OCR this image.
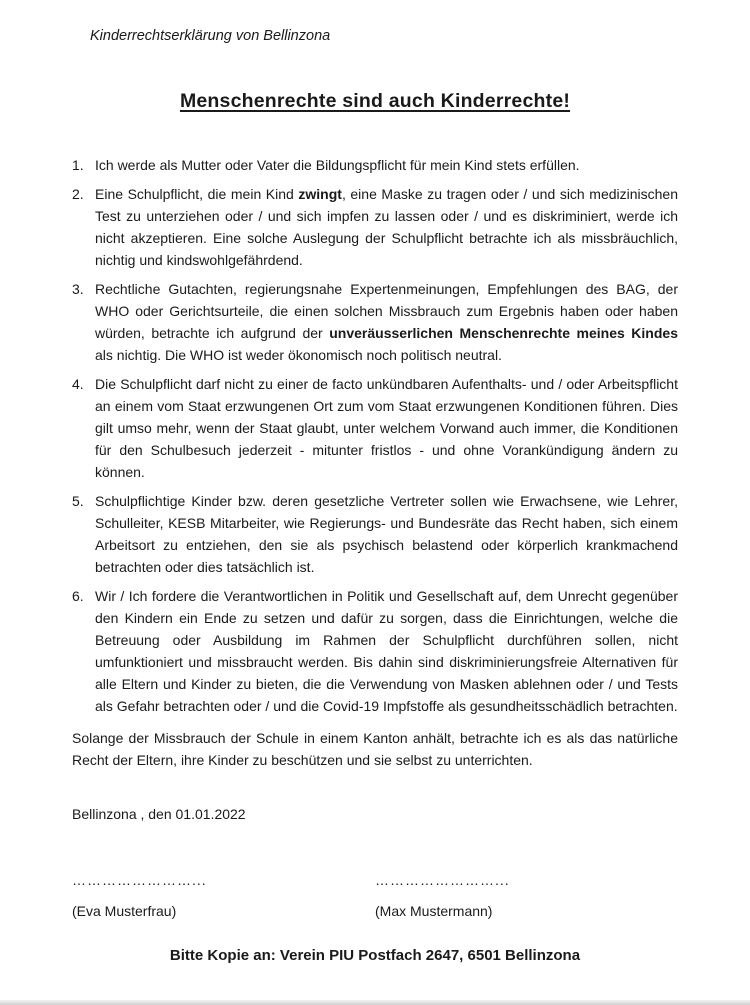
Kinderrechtserklärung von Bellinzona
Menschenrechte sind auch Kinderrechte!
1. Ich werde als Mutter oder Vater die Bildungspflicht für mein Kind stets erfüllen.
2. Eine Schulpflicht, die mein Kind zwingt, eine Maske zu tragen oder / und sich medizinischen Test zu unterziehen oder / und sich impfen zu lassen oder / und es diskriminiert, werde ich nicht akzeptieren. Eine solche Auslegung der Schulpflicht betrachte ich als missbräuchlich, nichtig und kindswohlgefährdend.
3. Rechtliche Gutachten, regierungsnahe Expertenmeinungen, Empfehlungen des BAG, der WHO oder Gerichtsurteile, die einen solchen Missbrauch zum Ergebnis haben oder haben würden, betrachte ich aufgrund der unveräusserlichen Menschenrechte meines Kindes als nichtig. Die WHO ist weder ökonomisch noch politisch neutral.
4. Die Schulpflicht darf nicht zu einer de facto unkündbaren Aufenthalts- und / oder Arbeitspflicht an einem vom Staat erzwungenen Ort zum vom Staat erzwungenen Konditionen führen. Dies gilt umso mehr, wenn der Staat glaubt, unter welchem Vorwand auch immer, die Konditionen für den Schulbesuch jederzeit - mitunter fristlos - und ohne Vorankündigung ändern zu können.
5. Schulpflichtige Kinder bzw. deren gesetzliche Vertreter sollen wie Erwachsene, wie Lehrer, Schulleiter, KESB Mitarbeiter, wie Regierungs- und Bundesräte das Recht haben, sich einem Arbeitsort zu entziehen, den sie als psychisch belastend oder körperlich krankmachend betrachten oder dies tatsächlich ist.
6. Wir / Ich fordere die Verantwortlichen in Politik und Gesellschaft auf, dem Unrecht gegenüber den Kindern ein Ende zu setzen und dafür zu sorgen, dass die Einrichtungen, welche die Betreuung oder Ausbildung im Rahmen der Schulpflicht durchführen sollen, nicht umfunktioniert und missbraucht werden. Bis dahin sind diskriminierungsfreie Alternativen für alle Eltern und Kinder zu bieten, die die Verwendung von Masken ablehnen oder / und Tests als Gefahr betrachten oder / und die Covid-19 Impfstoffe als gesundheitsschädlich betrachten.

Solange der Missbrauch der Schule in einem Kanton anhält, betrachte ich es als das natürliche Recht der Eltern, ihre Kinder zu beschützen und sie selbst zu unterrichten.

Bellinzona , den 01.01.2022

……………………...
(Eva Musterfrau)
……………………...
(Max Mustermann)
Bitte Kopie an: Verein PIU Postfach 2647, 6501 Bellinzona
